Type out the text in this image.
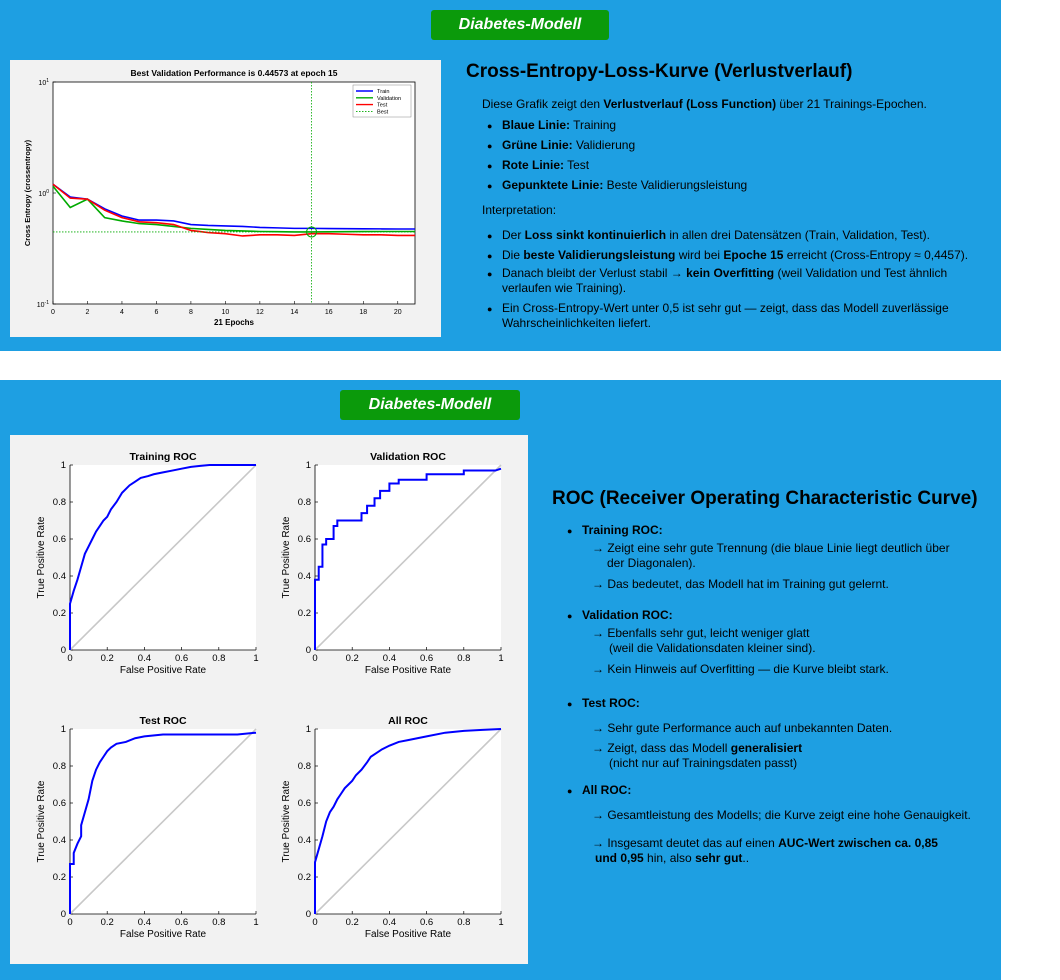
Diabetes-Modell
Best Validation Performance is 0.44573 at epoch 15
0	2	4	6	8	10	12	14	16	18	20
$10^1$
$10^0$
$10^{-1}$
21 Epochs
Cross Entropy (crossentropy)
Train
Validation
Test
Best
Cross-Entropy-Loss-Kurve (Verlustverlauf)
Diese Grafik zeigt den Verlustverlauf (Loss Function) über 21 Trainings-Epochen.
● Blaue Linie: Training
● Grüne Linie: Validierung
● Rote Linie: Test
● Gepunktete Linie: Beste Validierungsleistung
Interpretation:
● Der Loss sinkt kontinuierlich in allen drei Datensätzen (Train, Validation, Test).
● Die beste Validierungsleistung wird bei Epoche 15 erreicht (Cross-Entropy ≈ 0,4457).
● Danach bleibt der Verlust stabil → kein Overfitting (weil Validation und Test ähnlich
verlaufen wie Training).
● Ein Cross-Entropy-Wert unter 0,5 ist sehr gut — zeigt, dass das Modell zuverlässige
Wahrscheinlichkeiten liefert.
Diabetes-Modell
Training ROC
0	0.2	0.4	0.6	0.8	1
0
0.2
0.4
0.6
0.8
1
False Positive Rate
True Positive Rate
Validation ROC
0	0.2	0.4	0.6	0.8	1
0
0.2
0.4
0.6
0.8
1
False Positive Rate
True Positive Rate
Test ROC
0	0.2	0.4	0.6	0.8	1
0
0.2
0.4
0.6
0.8
1
False Positive Rate
True Positive Rate
All ROC
0	0.2	0.4	0.6	0.8	1
0
0.2
0.4
0.6
0.8
1
False Positive Rate
True Positive Rate
ROC (Receiver Operating Characteristic Curve)
● Training ROC:
→ Zeigt eine sehr gute Trennung (die blaue Linie liegt deutlich über
der Diagonalen).
→ Das bedeutet, das Modell hat im Training gut gelernt.
● Validation ROC:
→ Ebenfalls sehr gut, leicht weniger glatt
(weil die Validationsdaten kleiner sind).
→ Kein Hinweis auf Overfitting — die Kurve bleibt stark.
● Test ROC:
→ Sehr gute Performance auch auf unbekannten Daten.
→ Zeigt, dass das Modell generalisiert
(nicht nur auf Trainingsdaten passt)
● All ROC:
→ Gesamtleistung des Modells; die Kurve zeigt eine hohe Genauigkeit.
→ Insgesamt deutet das auf einen AUC-Wert zwischen ca. 0,85
und 0,95 hin, also sehr gut..
